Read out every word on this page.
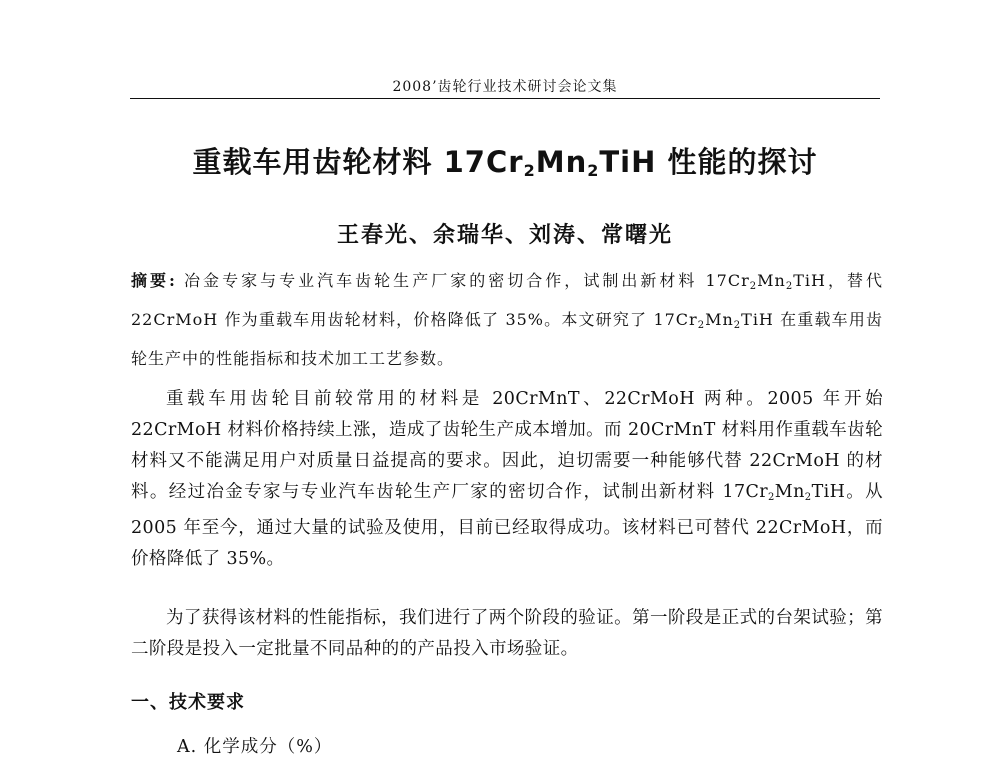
2008’齿轮行业技术研讨会论文集
重载车用齿轮材料 $17Cr_2Mn_2TiH$ 性能的探讨
王春光、余瑞华、刘涛、常曙光
摘要: 冶金专家与专业汽车齿轮生产厂家的密切合作，试制出新材料 $17Cr_2Mn_2TiH$，替代 22CrMoH 作为重载车用齿轮材料，价格降低了 35%。本文研究了 $17Cr_2Mn_2TiH$ 在重载车用齿轮生产中的性能指标和技术加工工艺参数。
重载车用齿轮目前较常用的材料是 20CrMnT、22CrMoH 两种。2005 年开始 22CrMoH 材料价格持续上涨，造成了齿轮生产成本增加。而 20CrMnT 材料用作重载车齿轮材料又不能满足用户对质量日益提高的要求。因此，迫切需要一种能够代替 22CrMoH 的材料。经过冶金专家与专业汽车齿轮生产厂家的密切合作，试制出新材料 $17Cr_2Mn_2TiH$。从 2005 年至今，通过大量的试验及使用，目前已经取得成功。该材料已可替代 22CrMoH，而价格降低了 35%。
为了获得该材料的性能指标，我们进行了两个阶段的验证。第一阶段是正式的台架试验；第二阶段是投入一定批量不同品种的的产品投入市场验证。
一、技术要求
A. 化学成分（%）
